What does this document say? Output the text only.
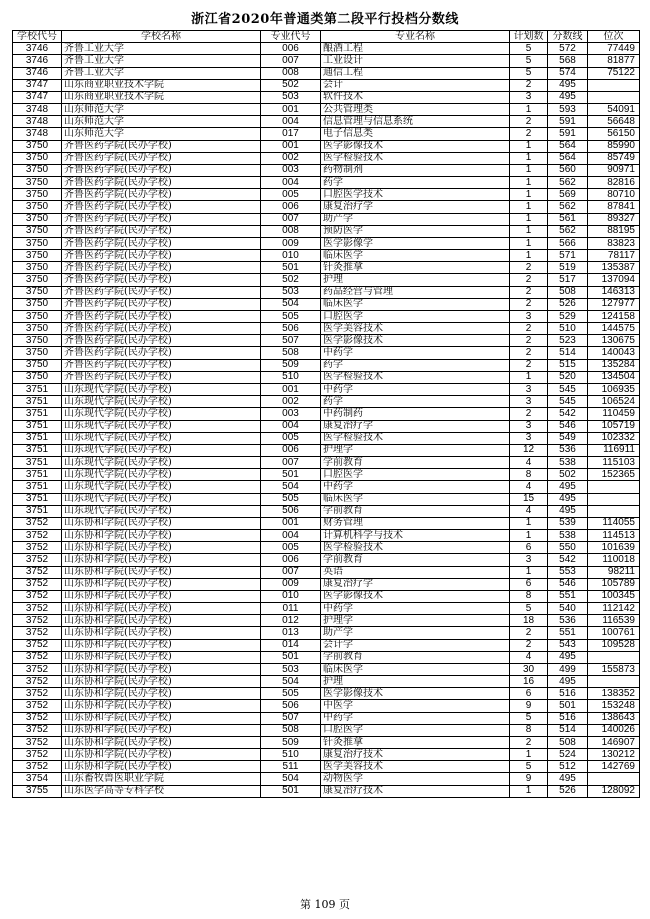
浙江省2020年普通类第二段平行投档分数线
学校代号	学校名称	专业代号	专业名称	计划数	分数线	位次
3746	齐鲁工业大学	006	酿酒工程	5	572	77449
3746	齐鲁工业大学	007	工业设计	5	568	81877
3746	齐鲁工业大学	008	通信工程	5	574	75122
3747	山东商业职业技术学院	502	会计	2	495	
3747	山东商业职业技术学院	503	软件技术	3	495	
3748	山东师范大学	001	公共管理类	1	593	54091
3748	山东师范大学	004	信息管理与信息系统	2	591	56648
3748	山东师范大学	017	电子信息类	2	591	56150
3750	齐鲁医药学院(民办学校)	001	医学影像技术	1	564	85990
3750	齐鲁医药学院(民办学校)	002	医学检验技术	1	564	85749
3750	齐鲁医药学院(民办学校)	003	药物制剂	1	560	90971
3750	齐鲁医药学院(民办学校)	004	药学	1	562	82816
3750	齐鲁医药学院(民办学校)	005	口腔医学技术	1	569	80710
3750	齐鲁医药学院(民办学校)	006	康复治疗学	1	562	87841
3750	齐鲁医药学院(民办学校)	007	助产学	1	561	89327
3750	齐鲁医药学院(民办学校)	008	预防医学	1	562	88195
3750	齐鲁医药学院(民办学校)	009	医学影像学	1	566	83823
3750	齐鲁医药学院(民办学校)	010	临床医学	1	571	78117
3750	齐鲁医药学院(民办学校)	501	针灸推拿	2	519	135387
3750	齐鲁医药学院(民办学校)	502	护理	2	517	137094
3750	齐鲁医药学院(民办学校)	503	药品经营与管理	2	508	146313
3750	齐鲁医药学院(民办学校)	504	临床医学	2	526	127977
3750	齐鲁医药学院(民办学校)	505	口腔医学	3	529	124158
3750	齐鲁医药学院(民办学校)	506	医学美容技术	2	510	144575
3750	齐鲁医药学院(民办学校)	507	医学影像技术	2	523	130675
3750	齐鲁医药学院(民办学校)	508	中药学	2	514	140043
3750	齐鲁医药学院(民办学校)	509	药学	2	515	135284
3750	齐鲁医药学院(民办学校)	510	医学检验技术	1	520	134504
3751	山东现代学院(民办学校)	001	中药学	3	545	106935
3751	山东现代学院(民办学校)	002	药学	3	545	106524
3751	山东现代学院(民办学校)	003	中药制药	2	542	110459
3751	山东现代学院(民办学校)	004	康复治疗学	3	546	105719
3751	山东现代学院(民办学校)	005	医学检验技术	3	549	102332
3751	山东现代学院(民办学校)	006	护理学	12	536	116911
3751	山东现代学院(民办学校)	007	学前教育	4	538	115103
3751	山东现代学院(民办学校)	501	口腔医学	8	502	152365
3751	山东现代学院(民办学校)	504	中药学	4	495	
3751	山东现代学院(民办学校)	505	临床医学	15	495	
3751	山东现代学院(民办学校)	506	学前教育	4	495	
3752	山东协和学院(民办学校)	001	财务管理	1	539	114055
3752	山东协和学院(民办学校)	004	计算机科学与技术	1	538	114513
3752	山东协和学院(民办学校)	005	医学检验技术	6	550	101639
3752	山东协和学院(民办学校)	006	学前教育	3	542	110018
3752	山东协和学院(民办学校)	007	英语	1	553	98211
3752	山东协和学院(民办学校)	009	康复治疗学	6	546	105789
3752	山东协和学院(民办学校)	010	医学影像技术	8	551	100345
3752	山东协和学院(民办学校)	011	中药学	5	540	112142
3752	山东协和学院(民办学校)	012	护理学	18	536	116539
3752	山东协和学院(民办学校)	013	助产学	2	551	100761
3752	山东协和学院(民办学校)	014	会计学	2	543	109528
3752	山东协和学院(民办学校)	501	学前教育	4	495	
3752	山东协和学院(民办学校)	503	临床医学	30	499	155873
3752	山东协和学院(民办学校)	504	护理	16	495	
3752	山东协和学院(民办学校)	505	医学影像技术	6	516	138352
3752	山东协和学院(民办学校)	506	中医学	9	501	153248
3752	山东协和学院(民办学校)	507	中药学	5	516	138643
3752	山东协和学院(民办学校)	508	口腔医学	8	514	140026
3752	山东协和学院(民办学校)	509	针灸推拿	2	508	146907
3752	山东协和学院(民办学校)	510	康复治疗技术	1	524	130212
3752	山东协和学院(民办学校)	511	医学美容技术	5	512	142769
3754	山东畜牧兽医职业学院	504	动物医学	9	495	
3755	山东医学高等专科学校	501	康复治疗技术	1	526	128092
第 109 页
